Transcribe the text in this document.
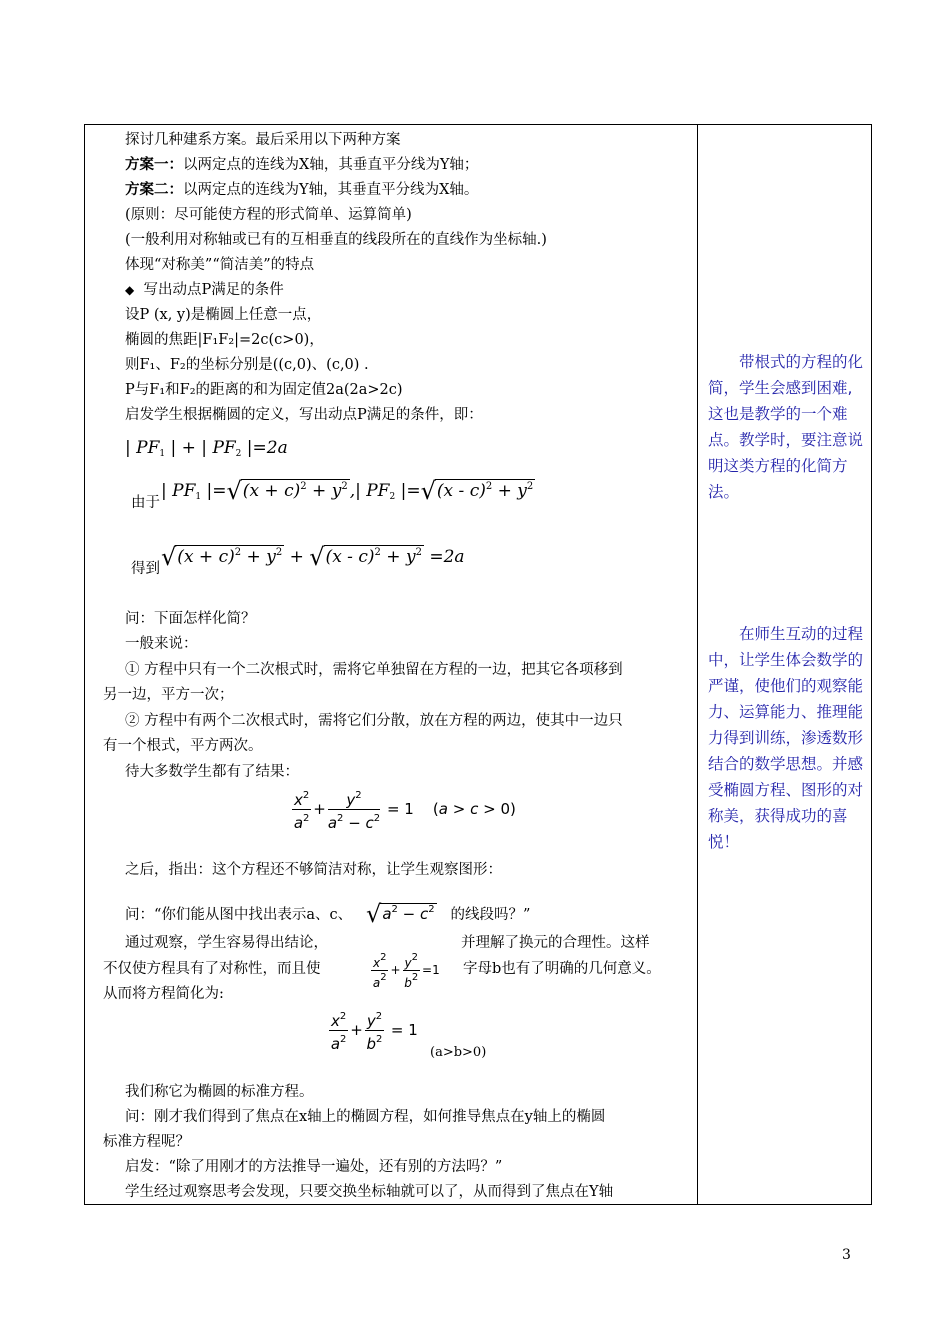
探讨几种建系方案。最后采用以下两种方案
方案一：以两定点的连线为X轴，其垂直平分线为Y轴；
方案二：以两定点的连线为Y轴，其垂直平分线为X轴。
(原则：尽可能使方程的形式简单、运算简单)
(一般利用对称轴或已有的互相垂直的线段所在的直线作为坐标轴.)
体现“对称美”“简洁美”的特点
◆ 写出动点P满足的条件
设P (x, y)是椭圆上任意一点，
椭圆的焦距|F₁F₂|=2c(c>0)，
则F₁、F₂的坐标分别是((c,0)、(c,0) .
P与F₁和F₂的距离的和为固定值2a(2a>2c)
启发学生根据椭圆的定义，写出动点P满足的条件，即：
| $PF_1$ | + | $PF_2$ |=2a
由于
| $PF_1$ $|=√(x + c)^2 + y^2$ ,| $PF_2$ $|=√(x - c)^2 + y^2$
得到 $√(x + c)^2 + y^2 + √(x - c)^2 + y^2 =2a$
问：下面怎样化简？
一般来说：
① 方程中只有一个二次根式时，需将它单独留在方程的一边，把其它各项移到
另一边，平方一次；
② 方程中有两个二次根式时，需将它们分散，放在方程的两边，使其中一边只
有一个根式，平方两次。
待大多数学生都有了结果：
$\frac{x^2}{a^2} + \frac{y^2}{a^2 - c^2} = 1$ (a > c > 0)
之后，指出：这个方程还不够简洁对称，让学生观察图形：
问：“你们能从图中找出表示a、c、 $√a^2 - c^2$ 的线段吗？”
通过观察，学生容易得出结论，	并理解了换元的合理性。这样
不仅使方程具有了对称性，而且使	$\frac{x^2}{a^2} + \frac{y^2}{b^2} =1$ 字母b也有了明确的几何意义。
从而将方程简化为:
$\frac{x^2}{a^2} + \frac{y^2}{b^2} = 1$
(a>b>0)
我们称它为椭圆的标准方程。
问：刚才我们得到了焦点在x轴上的椭圆方程，如何推导焦点在y轴上的椭圆
标准方程呢？
启发：“除了用刚才的方法推导一遍处，还有别的方法吗？”
学生经过观察思考会发现，只要交换坐标轴就可以了，从而得到了焦点在Y轴
带根式的方程的化简，学生会感到困难,这也是教学的一个难点。教学时，要注意说明这类方程的化简方法。
在师生互动的过程中，让学生体会数学的严谨，使他们的观察能力、运算能力、推理能力得到训练，渗透数形结合的数学思想。并感受椭圆方程、图形的对称美，获得成功的喜悦！
3
